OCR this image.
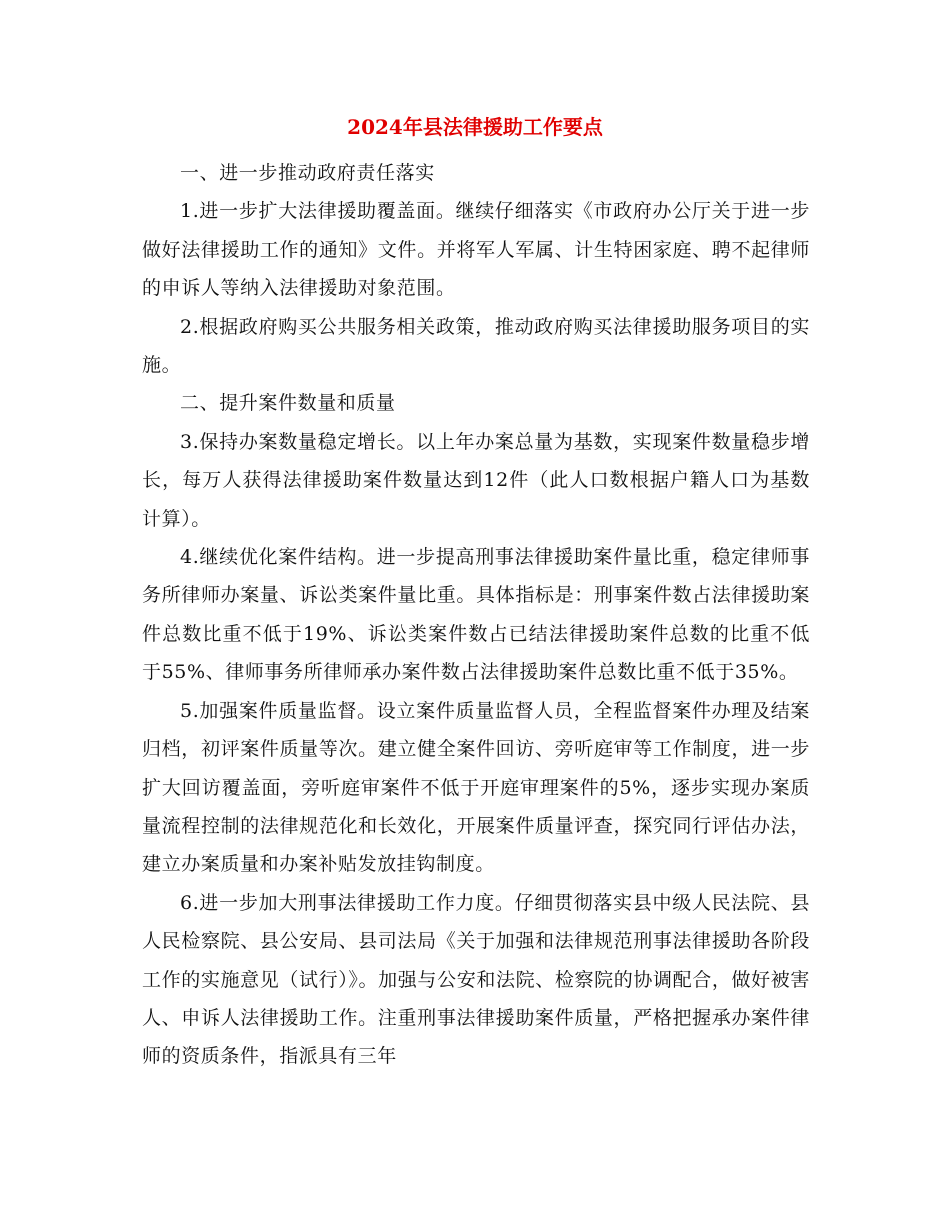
2024年县法律援助工作要点

一、进一步推动政府责任落实

1.进一步扩大法律援助覆盖面。继续仔细落实《市政府办公厅关于进一步做好法律援助工作的通知》文件。并将军人军属、计生特困家庭、聘不起律师的申诉人等纳入法律援助对象范围。

2.根据政府购买公共服务相关政策，推动政府购买法律援助服务项目的实施。

二、提升案件数量和质量

3.保持办案数量稳定增长。以上年办案总量为基数，实现案件数量稳步增长，每万人获得法律援助案件数量达到12件（此人口数根据户籍人口为基数计算）。

4.继续优化案件结构。进一步提高刑事法律援助案件量比重，稳定律师事务所律师办案量、诉讼类案件量比重。具体指标是：刑事案件数占法律援助案件总数比重不低于19%、诉讼类案件数占已结法律援助案件总数的比重不低于55%、律师事务所律师承办案件数占法律援助案件总数比重不低于35%。

5.加强案件质量监督。设立案件质量监督人员，全程监督案件办理及结案归档，初评案件质量等次。建立健全案件回访、旁听庭审等工作制度，进一步扩大回访覆盖面，旁听庭审案件不低于开庭审理案件的5%，逐步实现办案质量流程控制的法律规范化和长效化，开展案件质量评查，探究同行评估办法，建立办案质量和办案补贴发放挂钩制度。

6.进一步加大刑事法律援助工作力度。仔细贯彻落实县中级人民法院、县人民检察院、县公安局、县司法局《关于加强和法律规范刑事法律援助各阶段工作的实施意见（试行）》。加强与公安和法院、检察院的协调配合，做好被害人、申诉人法律援助工作。注重刑事法律援助案件质量，严格把握承办案件律师的资质条件，指派具有三年
